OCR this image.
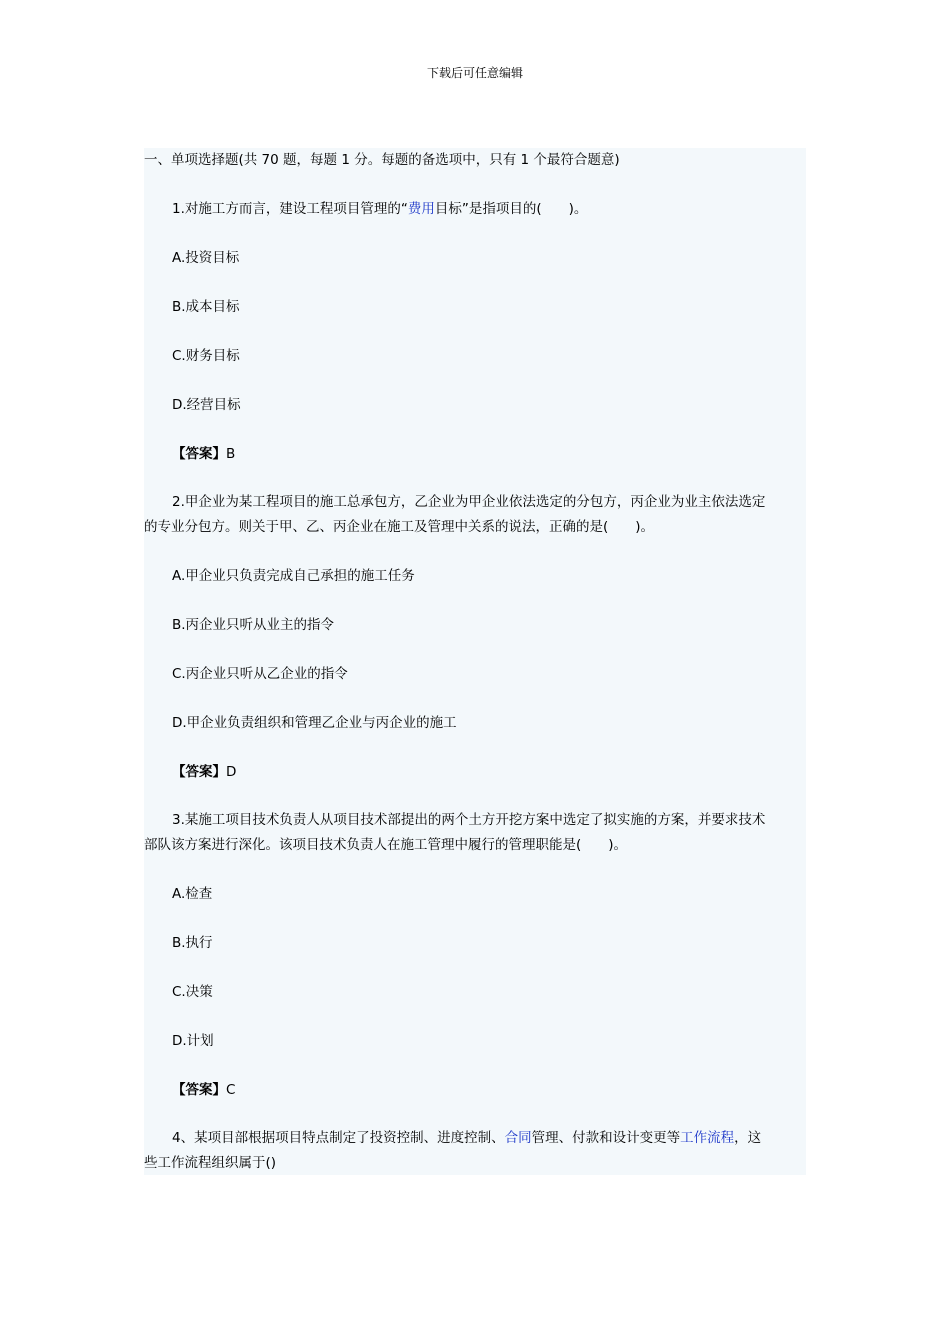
下载后可任意编辑
一、单项选择题(共 70 题，每题 1 分。每题的备选项中，只有 1 个最符合题意)
1.对施工方而言，建设工程项目管理的“费用目标”是指项目的(　　)。
A.投资目标
B.成本目标
C.财务目标
D.经营目标
【答案】B
2.甲企业为某工程项目的施工总承包方，乙企业为甲企业依法选定的分包方，丙企业为业主依法选定
的专业分包方。则关于甲、乙、丙企业在施工及管理中关系的说法，正确的是(　　)。
A.甲企业只负责完成自己承担的施工任务
B.丙企业只听从业主的指令
C.丙企业只听从乙企业的指令
D.甲企业负责组织和管理乙企业与丙企业的施工
【答案】D
3.某施工项目技术负责人从项目技术部提出的两个土方开挖方案中选定了拟实施的方案，并要求技术
部队该方案进行深化。该项目技术负责人在施工管理中履行的管理职能是(　　)。
A.检查
B.执行
C.决策
D.计划
【答案】C
4、某项目部根据项目特点制定了投资控制、进度控制、合同管理、付款和设计变更等工作流程，这
些工作流程组织属于()
